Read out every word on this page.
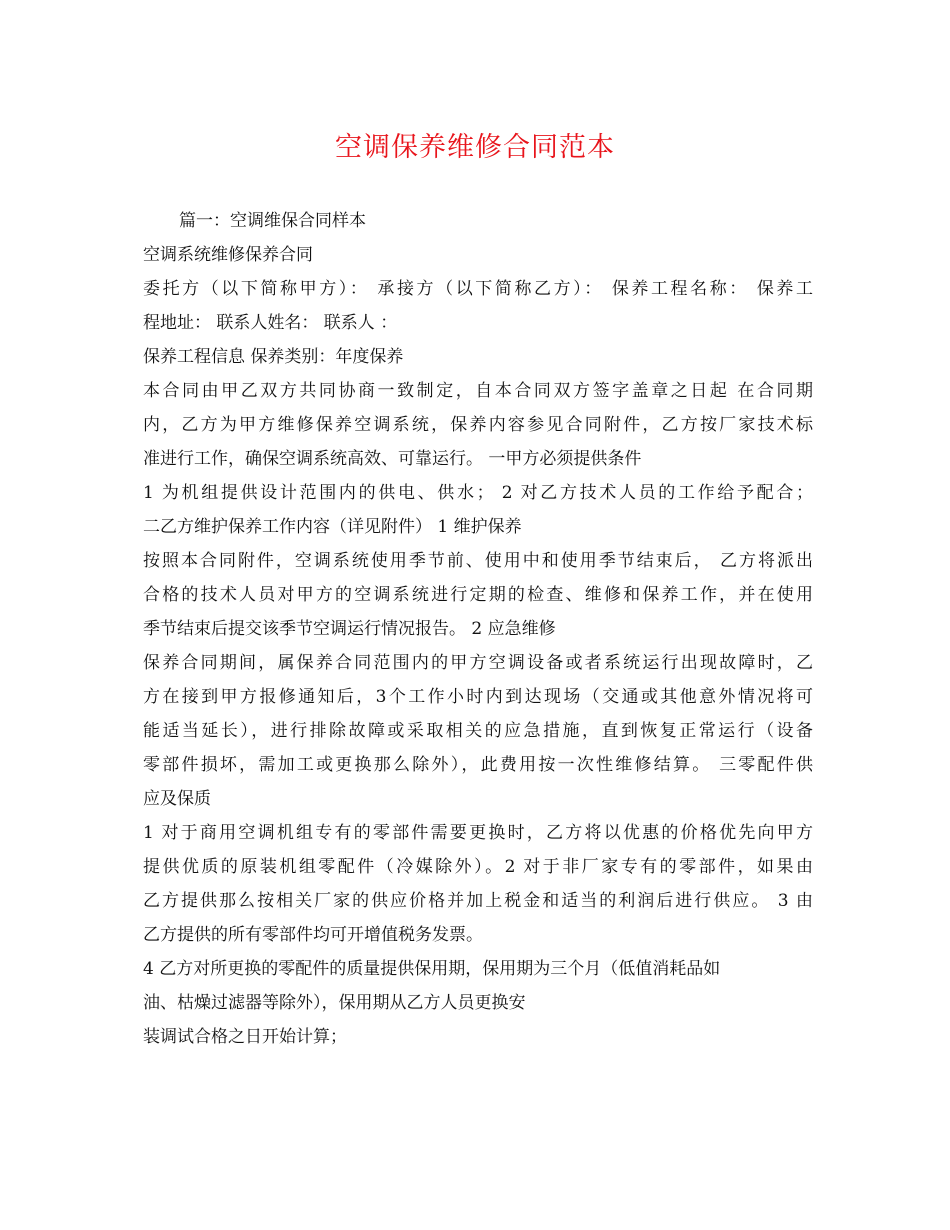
空调保养维修合同范本
篇一：空调维保合同样本
空调系统维修保养合同
委托方（以下简称甲方）： 承接方（以下简称乙方）： 保养工程名称： 保养工
程地址： 联系人姓名： 联系人 ：
保养工程信息 保养类别：年度保养
本合同由甲乙双方共同协商一致制定，自本合同双方签字盖章之日起 在合同期
内，乙方为甲方维修保养空调系统，保养内容参见合同附件，乙方按厂家技术标
准进行工作，确保空调系统高效、可靠运行。 一甲方必须提供条件
1 为机组提供设计范围内的供电、供水； 2 对乙方技术人员的工作给予配合；
二乙方维护保养工作内容（详见附件） 1 维护保养
按照本合同附件，空调系统使用季节前、使用中和使用季节结束后， 乙方将派出
合格的技术人员对甲方的空调系统进行定期的检查、维修和保养工作，并在使用
季节结束后提交该季节空调运行情况报告。 2 应急维修
保养合同期间，属保养合同范围内的甲方空调设备或者系统运行出现故障时，乙
方在接到甲方报修通知后，3个工作小时内到达现场（交通或其他意外情况将可
能适当延长），进行排除故障或采取相关的应急措施，直到恢复正常运行（设备
零部件损坏，需加工或更换那么除外），此费用按一次性维修结算。 三零配件供
应及保质
1 对于商用空调机组专有的零部件需要更换时，乙方将以优惠的价格优先向甲方
提供优质的原装机组零配件（冷媒除外）。2 对于非厂家专有的零部件，如果由
乙方提供那么按相关厂家的供应价格并加上税金和适当的利润后进行供应。 3 由
乙方提供的所有零部件均可开增值税务发票。
4 乙方对所更换的零配件的质量提供保用期，保用期为三个月（低值消耗品如
油、枯燥过滤器等除外），保用期从乙方人员更换安
装调试合格之日开始计算；
